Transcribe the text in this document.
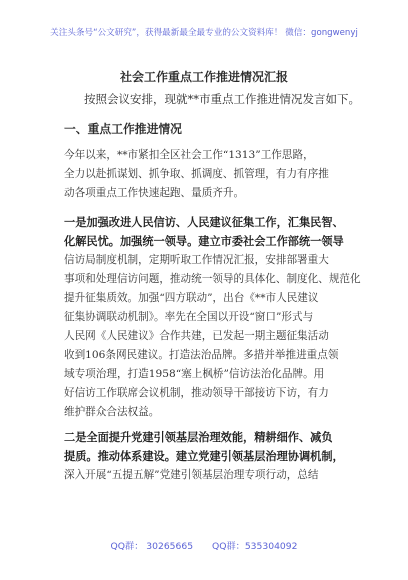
关注头条号“公文研究”，获得最新最全最专业的公文资料库！ 微信：gongwenyj
社会工作重点工作推进情况汇报
按照会议安排，现就**市重点工作推进情况发言如下。
一、重点工作推进情况
今年以来，**市紧扣全区社会工作“1313”工作思路，
全力以赴抓谋划、抓争取、抓调度、抓管理，有力有序推
动各项重点工作快速起跑、量质齐升。
一是加强改进人民信访、人民建议征集工作，汇集民智、
化解民忧。加强统一领导。建立市委社会工作部统一领导
信访局制度机制，定期听取工作情况汇报，安排部署重大
事项和处理信访问题，推动统一领导的具体化、制度化、规范化
提升征集质效。加强“四方联动”，出台《**市人民建议
征集协调联动机制》。率先在全国以开设“窗口”形式与
人民网《人民建议》合作共建，已发起一期主题征集活动
收到106条网民建议。打造法治品牌。多措并举推进重点领
域专项治理，打造1958“塞上枫桥”信访法治化品牌。用
好信访工作联席会议机制，推动领导干部接访下访，有力
维护群众合法权益。
二是全面提升党建引领基层治理效能，精耕细作、减负
提质。推动体系建设。建立党建引领基层治理协调机制，
深入开展“五提五解”党建引领基层治理专项行动，总结
QQ群： 30265665 QQ群：535304092
